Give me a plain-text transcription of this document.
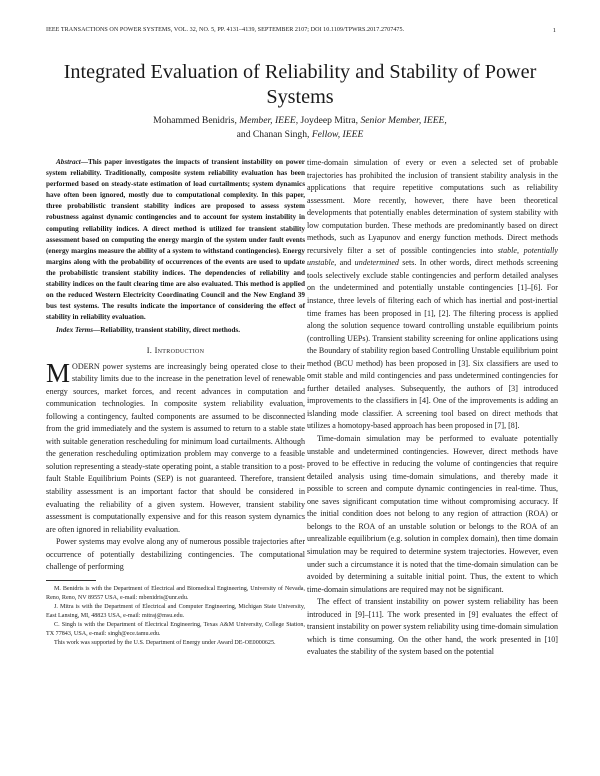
IEEE TRANSACTIONS ON POWER SYSTEMS, VOL. 32, NO. 5, PP. 4131–4139, SEPTEMBER 2107; DOI 10.1109/TPWRS.2017.2707475.	1
Integrated Evaluation of Reliability and Stability of Power Systems
Mohammed Benidris, Member, IEEE, Joydeep Mitra, Senior Member, IEEE,
and Chanan Singh, Fellow, IEEE

Abstract—This paper investigates the impacts of transient instability on power system reliability. Traditionally, composite system reliability evaluation has been performed based on steady-state estimation of load curtailments; system dynamics have often been ignored, mostly due to computational complexity. In this paper, three probabilistic transient stability indices are proposed to assess system robustness against dynamic contingencies and to account for system instability in computing reliability indices. A direct method is utilized for transient stability assessment based on computing the energy margin of the system under fault events (energy margins measure the ability of a system to withstand contingencies). Energy margins along with the probability of occurrences of the events are used to update the probabilistic transient stability indices. The dependencies of reliability and stability indices on the fault clearing time are also evaluated. This method is applied on the reduced Western Electricity Coordinating Council and the New England 39 bus test systems. The results indicate the importance of considering the effect of stability in reliability evaluation.

Index Terms—Reliability, transient stability, direct methods.

I. Introduction

MODERN power systems are increasingly being operated close to their stability limits due to the increase in the penetration level of renewable energy sources, market forces, and recent advances in computation and communication technologies. In composite system reliability evaluation, following a contingency, faulted components are assumed to be disconnected from the grid immediately and the system is assumed to return to a stable state with suitable generation rescheduling for minimum load curtailments. Although the generation rescheduling optimization problem may converge to a feasible solution representing a steady-state operating point, a stable transition to a post-fault Stable Equilibrium Points (SEP) is not guaranteed. Therefore, transient stability assessment is an important factor that should be considered in evaluating the reliability of a given system. However, transient stability assessment is computationally expensive and for this reason system dynamics are often ignored in reliability evaluation.

Power systems may evolve along any of numerous possible trajectories after occurrence of potentially destabilizing contingencies. The computational challenge of performing

M. Benidris is with the Department of Electrical and Biomedical Engineering, University of Nevada, Reno, Reno, NV 89557 USA, e-mail: mbenidris@unr.edu.

J. Mitra is with the Department of Electrical and Computer Engineering, Michigan State University, East Lansing, MI, 48823 USA, e-mail: mitraj@msu.edu.

C. Singh is with the Department of Electrical Engineering, Texas A&M University, College Station, TX 77843, USA, e-mail: singh@ece.tamu.edu.

This work was supported by the U.S. Department of Energy under Award DE-OE0000625.

time-domain simulation of every or even a selected set of probable trajectories has prohibited the inclusion of transient stability analysis in the applications that require repetitive computations such as reliability assessment. More recently, however, there have been theoretical developments that potentially enables determination of system stability with low computation burden. These methods are predominantly based on direct methods, such as Lyapunov and energy function methods. Direct methods recursively filter a set of possible contingencies into stable, potentially unstable, and undetermined sets. In other words, direct methods screening tools selectively exclude stable contingencies and perform detailed analyses on the undetermined and potentially unstable contingencies [1]–[6]. For instance, three levels of filtering each of which has inertial and post-inertial time frames has been proposed in [1], [2]. The filtering process is applied along the solution sequence toward controlling unstable equilibrium points (controlling UEPs). Transient stability screening for online applications using the Boundary of stability region based Controlling Unstable equilibrium point method (BCU method) has been proposed in [3]. Six classifiers are used to omit stable and mild contingencies and pass undetermined contingencies for further detailed analyses. Subsequently, the authors of [3] introduced improvements to the classifiers in [4]. One of the improvements is adding an islanding mode classifier. A screening tool based on direct methods that utilizes a homotopy-based approach has been proposed in [7], [8].

Time-domain simulation may be performed to evaluate potentially unstable and undetermined contingencies. However, direct methods have proved to be effective in reducing the volume of contingencies that require detailed analysis using time-domain simulations, and thereby made it possible to screen and compute dynamic contingencies in real-time. Thus, one saves significant computation time without compromising accuracy. If the initial condition does not belong to any region of attraction (ROA) or belongs to the ROA of an unstable solution or belongs to the ROA of an unrealizable equilibrium (e.g. solution in complex domain), then time domain simulation may be required to determine system trajectories. However, even under such a circumstance it is noted that the time-domain simulation can be avoided by determining a suitable initial point. Thus, the extent to which time-domain simulations are required may not be significant.

The effect of transient instability on power system reliability has been introduced in [9]–[11]. The work presented in [9] evaluates the effect of transient instability on power system reliability using time-domain simulation which is time consuming. On the other hand, the work presented in [10] evaluates the stability of the system based on the potential
